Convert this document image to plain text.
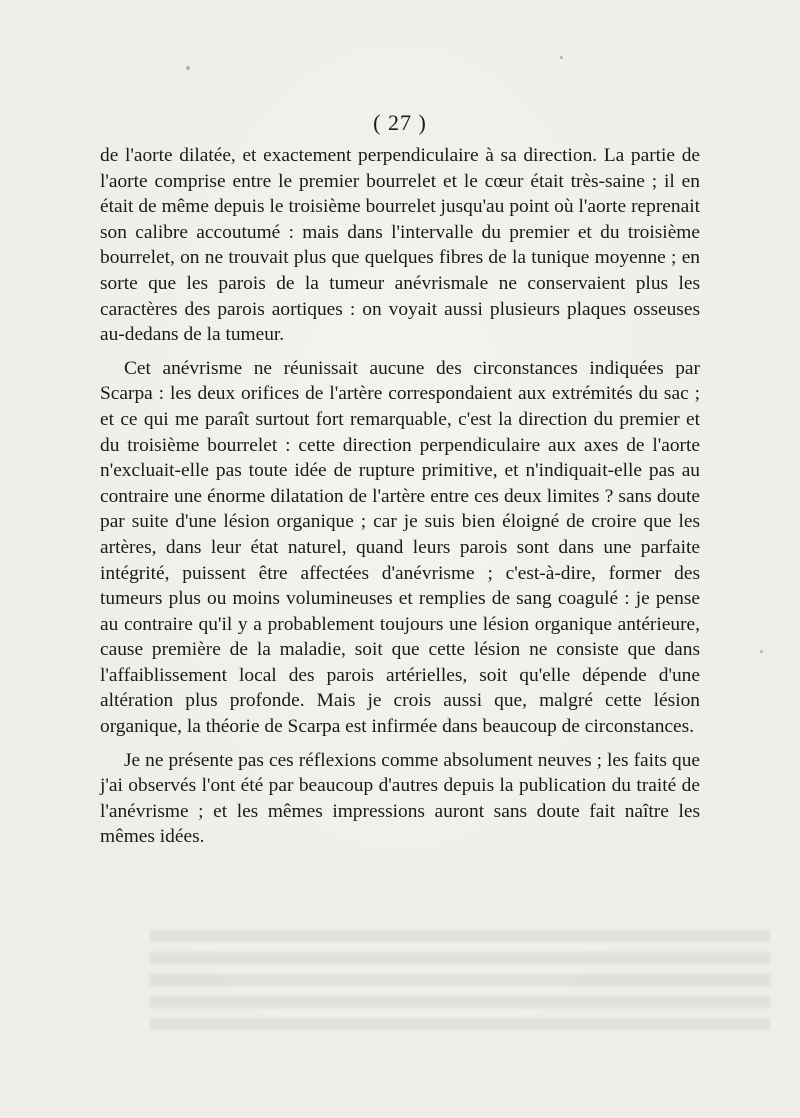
( 27 )

de l'aorte dilatée, et exactement perpendiculaire à sa direction. La partie de l'aorte comprise entre le premier bourrelet et le cœur était très-saine ; il en était de même depuis le troisième bourrelet jusqu'au point où l'aorte reprenait son calibre accoutumé : mais dans l'intervalle du premier et du troisième bourrelet, on ne trouvait plus que quelques fibres de la tunique moyenne ; en sorte que les parois de la tumeur anévrismale ne conservaient plus les caractères des parois aortiques : on voyait aussi plusieurs plaques osseuses au-dedans de la tumeur.

Cet anévrisme ne réunissait aucune des circonstances indiquées par Scarpa : les deux orifices de l'artère correspondaient aux extrémités du sac ; et ce qui me paraît surtout fort remarquable, c'est la direction du premier et du troisième bourrelet : cette direction perpendiculaire aux axes de l'aorte n'excluait-elle pas toute idée de rupture primitive, et n'indiquait-elle pas au contraire une énorme dilatation de l'artère entre ces deux limites ? sans doute par suite d'une lésion organique ; car je suis bien éloigné de croire que les artères, dans leur état naturel, quand leurs parois sont dans une parfaite intégrité, puissent être affectées d'anévrisme ; c'est-à-dire, former des tumeurs plus ou moins volumineuses et remplies de sang coagulé : je pense au contraire qu'il y a probablement toujours une lésion organique antérieure, cause première de la maladie, soit que cette lésion ne consiste que dans l'affaiblissement local des parois artérielles, soit qu'elle dépende d'une altération plus profonde. Mais je crois aussi que, malgré cette lésion organique, la théorie de Scarpa est infirmée dans beaucoup de circonstances.

Je ne présente pas ces réflexions comme absolument neuves ; les faits que j'ai observés l'ont été par beaucoup d'autres depuis la publication du traité de l'anévrisme ; et les mêmes impressions auront sans doute fait naître les mêmes idées.
